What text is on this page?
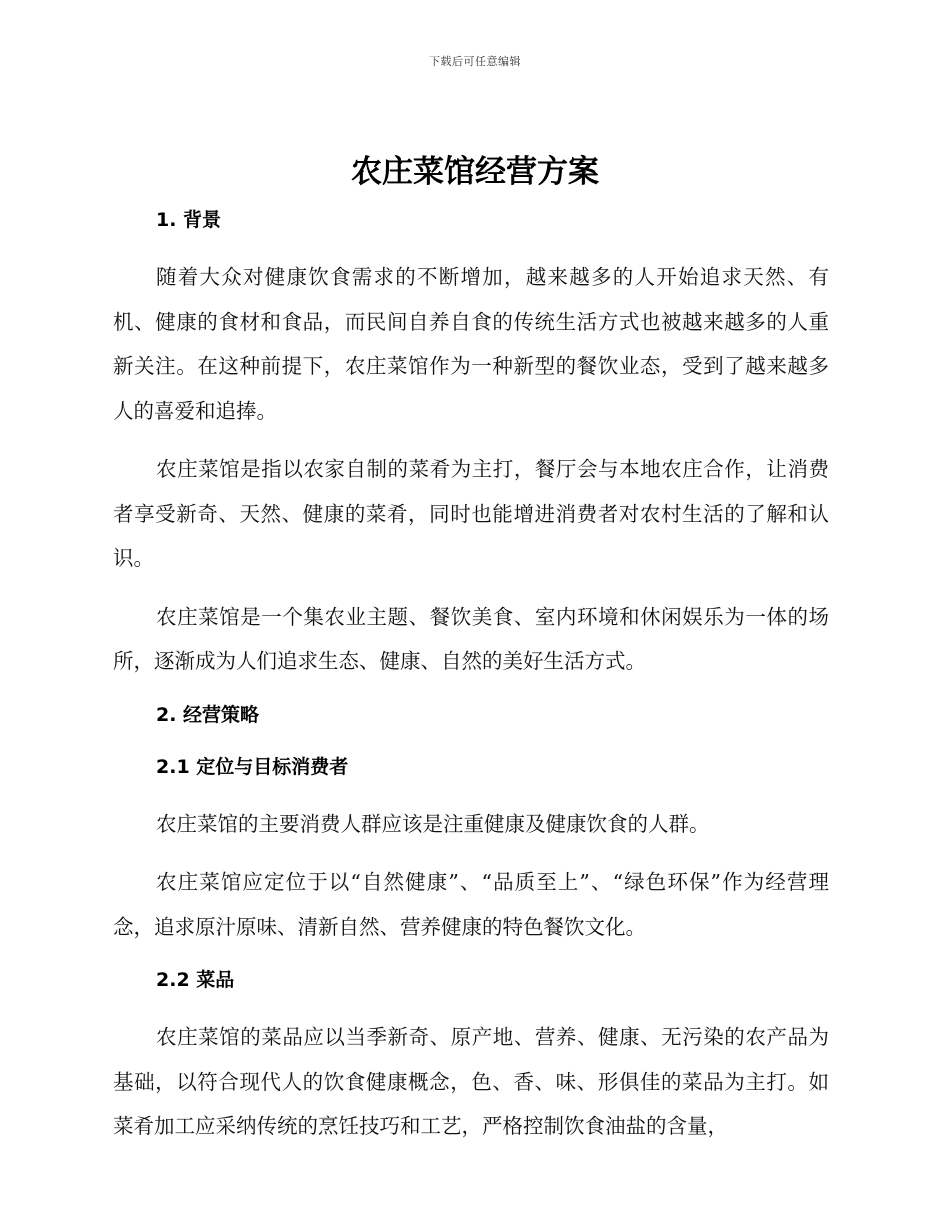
下载后可任意编辑
农庄菜馆经营方案
1. 背景

随着大众对健康饮食需求的不断增加，越来越多的人开始追求天然、有机、健康的食材和食品，而民间自养自食的传统生活方式也被越来越多的人重新关注。在这种前提下，农庄菜馆作为一种新型的餐饮业态，受到了越来越多人的喜爱和追捧。

农庄菜馆是指以农家自制的菜肴为主打，餐厅会与本地农庄合作，让消费者享受新奇、天然、健康的菜肴，同时也能增进消费者对农村生活的了解和认识。

农庄菜馆是一个集农业主题、餐饮美食、室内环境和休闲娱乐为一体的场所，逐渐成为人们追求生态、健康、自然的美好生活方式。

2. 经营策略
2.1 定位与目标消费者

农庄菜馆的主要消费人群应该是注重健康及健康饮食的人群。

农庄菜馆应定位于以“自然健康”、“品质至上”、“绿色环保”作为经营理念，追求原汁原味、清新自然、营养健康的特色餐饮文化。

2.2 菜品

农庄菜馆的菜品应以当季新奇、原产地、营养、健康、无污染的农产品为基础，以符合现代人的饮食健康概念，色、香、味、形俱佳的菜品为主打。如菜肴加工应采纳传统的烹饪技巧和工艺，严格控制饮食油盐的含量，
